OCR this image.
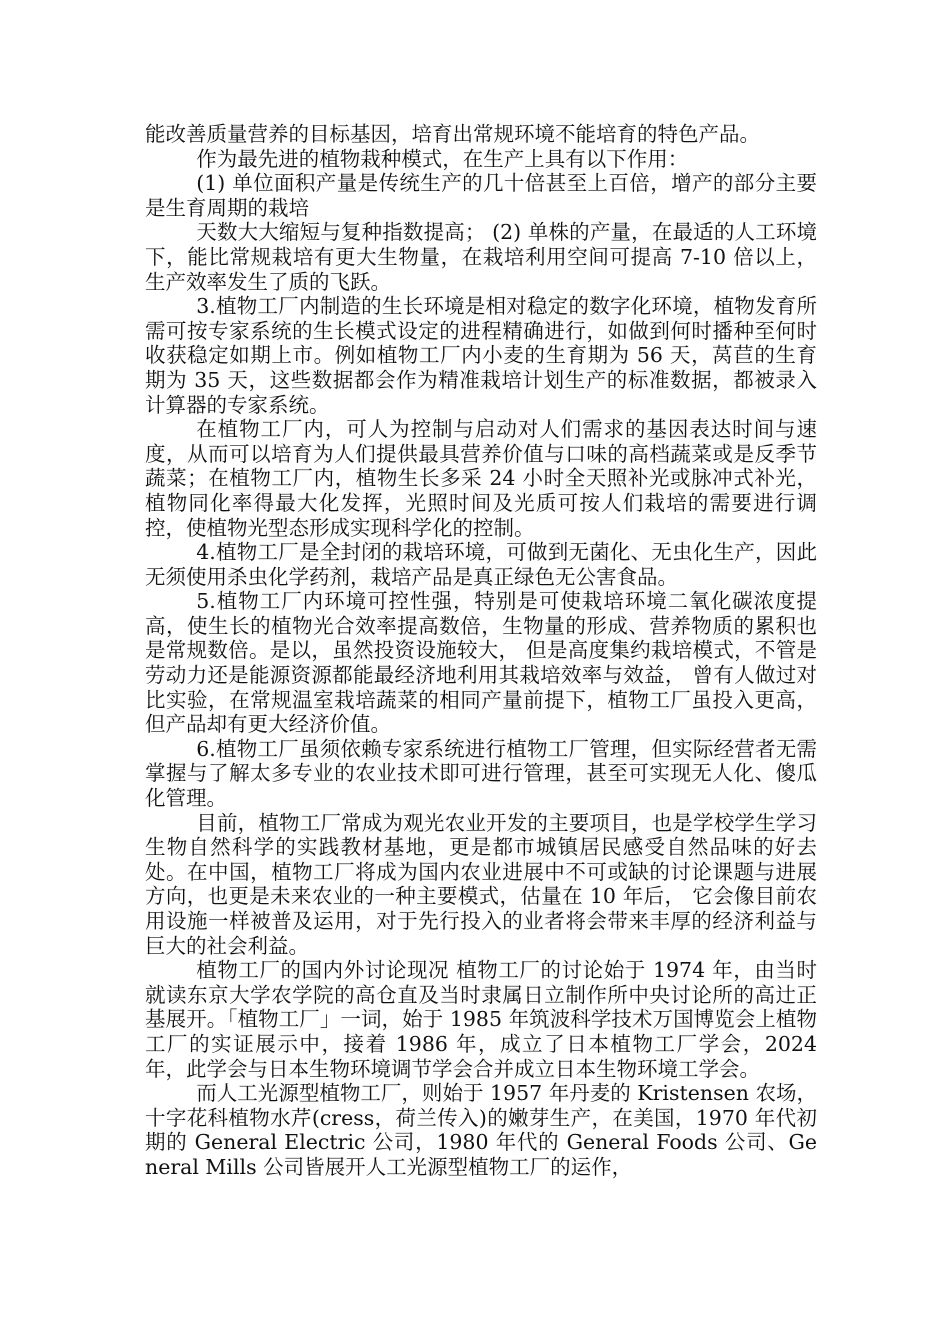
能改善质量营养的目标基因，培育出常规环境不能培育的特色产品。

作为最先进的植物栽种模式，在生产上具有以下作用：

(1) 单位面积产量是传统生产的几十倍甚至上百倍，增产的部分主要是生育周期的栽培

天数大大缩短与复种指数提高； (2) 单株的产量，在最适的人工环境下，能比常规栽培有更大生物量，在栽培利用空间可提高 7-10 倍以上，生产效率发生了质的飞跃。

3.植物工厂内制造的生长环境是相对稳定的数字化环境，植物发育所需可按专家系统的生长模式设定的进程精确进行，如做到何时播种至何时收获稳定如期上市。例如植物工厂内小麦的生育期为 56 天，莴苣的生育期为 35 天，这些数据都会作为精准栽培计划生产的标准数据，都被录入计算器的专家系统。

在植物工厂内，可人为控制与启动对人们需求的基因表达时间与速度，从而可以培育为人们提供最具营养价值与口味的高档蔬菜或是反季节蔬菜；在植物工厂内，植物生长多采 24 小时全天照补光或脉冲式补光，植物同化率得最大化发挥，光照时间及光质可按人们栽培的需要进行调控，使植物光型态形成实现科学化的控制。

4.植物工厂是全封闭的栽培环境，可做到无菌化、无虫化生产，因此无须使用杀虫化学药剂，栽培产品是真正绿色无公害食品。

5.植物工厂内环境可控性强，特别是可使栽培环境二氧化碳浓度提高，使生长的植物光合效率提高数倍，生物量的形成、营养物质的累积也是常规数倍。是以，虽然投资设施较大， 但是高度集约栽培模式，不管是劳动力还是能源资源都能最经济地利用其栽培效率与效益， 曾有人做过对比实验，在常规温室栽培蔬菜的相同产量前提下，植物工厂虽投入更高，但产品却有更大经济价值。

6.植物工厂虽须依赖专家系统进行植物工厂管理，但实际经营者无需掌握与了解太多专业的农业技术即可进行管理，甚至可实现无人化、傻瓜化管理。

目前，植物工厂常成为观光农业开发的主要项目，也是学校学生学习生物自然科学的实践教材基地，更是都市城镇居民感受自然品味的好去处。在中国，植物工厂将成为国内农业进展中不可或缺的讨论课题与进展方向，也更是未来农业的一种主要模式，估量在 10 年后， 它会像目前农用设施一样被普及运用，对于先行投入的业者将会带来丰厚的经济利益与巨大的社会利益。

植物工厂的国内外讨论现况 植物工厂的讨论始于 1974 年，由当时就读东京大学农学院的高仓直及当时隶属日立制作所中央讨论所的高辻正基展开。「植物工厂」一词，始于 1985 年筑波科学技术万国博览会上植物工厂的实证展示中，接着 1986 年，成立了日本植物工厂学会，2024 年，此学会与日本生物环境调节学会合并成立日本生物环境工学会。

而人工光源型植物工厂，则始于 1957 年丹麦的 Kristensen 农场，十字花科植物水芹(cress，荷兰传入)的嫩芽生产，在美国，1970 年代初期的 General Electric 公司，1980 年代的 General Foods 公司、General Mills 公司皆展开人工光源型植物工厂的运作，
